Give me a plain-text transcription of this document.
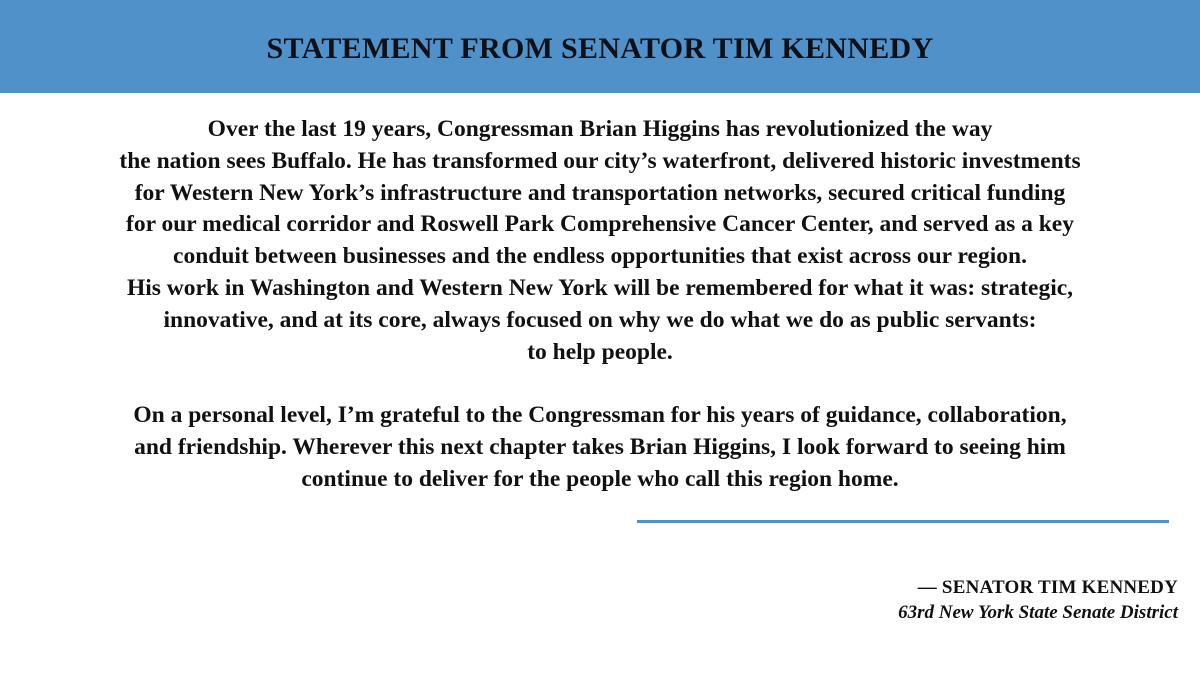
STATEMENT FROM SENATOR TIM KENNEDY
Over the last 19 years, Congressman Brian Higgins has revolutionized the way
the nation sees Buffalo. He has transformed our city’s waterfront, delivered historic investments
for Western New York’s infrastructure and transportation networks, secured critical funding
for our medical corridor and Roswell Park Comprehensive Cancer Center, and served as a key
conduit between businesses and the endless opportunities that exist across our region.
His work in Washington and Western New York will be remembered for what it was: strategic,
innovative, and at its core, always focused on why we do what we do as public servants:
to help people.
On a personal level, I’m grateful to the Congressman for his years of guidance, collaboration,
and friendship. Wherever this next chapter takes Brian Higgins, I look forward to seeing him
continue to deliver for the people who call this region home.
— SENATOR TIM KENNEDY
63rd New York State Senate District
